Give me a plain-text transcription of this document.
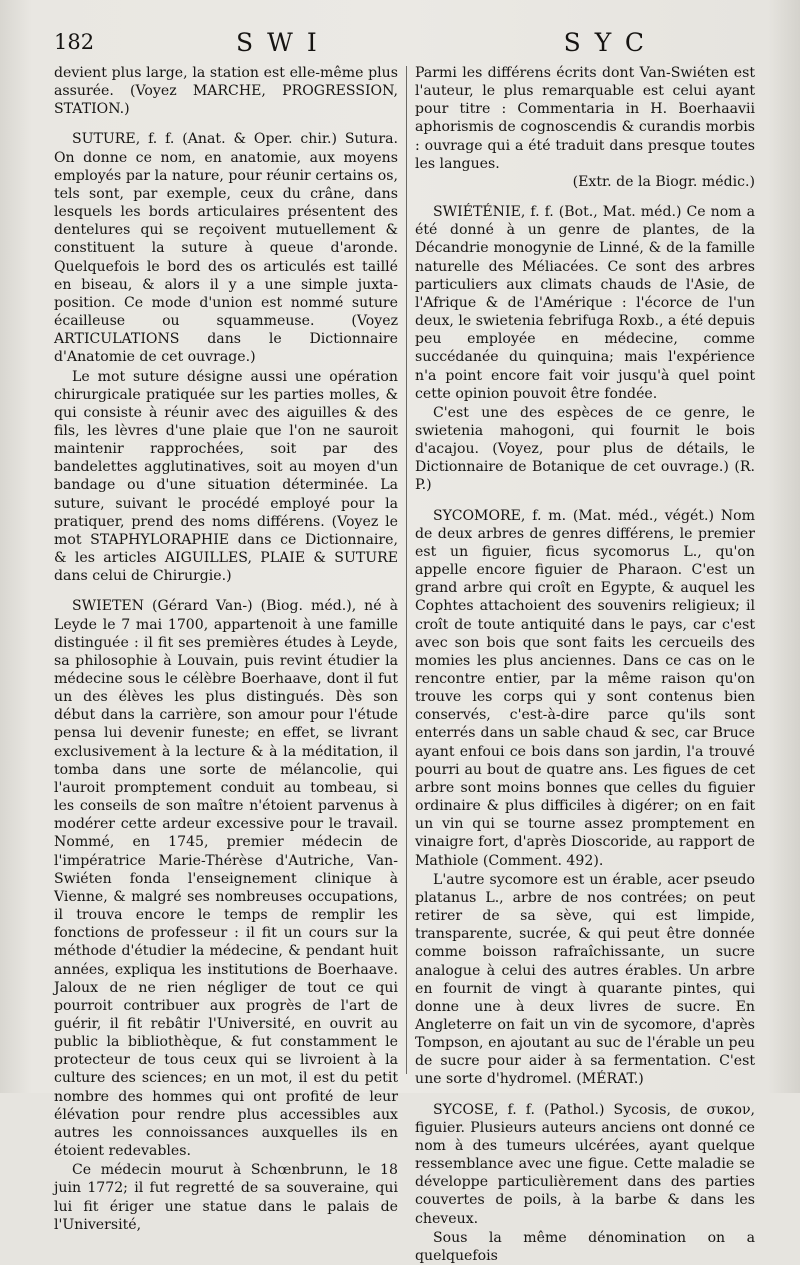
182	SWI	SYC

devient plus large, la station est elle-même plus assurée. (Voyez MARCHE, PROGRESSION, STATION.)

SUTURE, f. f. (Anat. & Oper. chir.) Sutura. On donne ce nom, en anatomie, aux moyens employés par la nature, pour réunir certains os, tels sont, par exemple, ceux du crâne, dans lesquels les bords articulaires présentent des dentelures qui se reçoivent mutuellement & constituent la suture à queue d'aronde. Quelquefois le bord des os articulés est taillé en biseau, & alors il y a une simple juxta-position. Ce mode d'union est nommé suture écailleuse ou squammeuse. (Voyez ARTICULATIONS dans le Dictionnaire d'Anatomie de cet ouvrage.)

Le mot suture désigne aussi une opération chirurgicale pratiquée sur les parties molles, & qui consiste à réunir avec des aiguilles & des fils, les lèvres d'une plaie que l'on ne sauroit maintenir rapprochées, soit par des bandelettes agglutinatives, soit au moyen d'un bandage ou d'une situation déterminée. La suture, suivant le procédé employé pour la pratiquer, prend des noms différens. (Voyez le mot STAPHYLORAPHIE dans ce Dictionnaire, & les articles AIGUILLES, PLAIE & SUTURE dans celui de Chirurgie.)

SWIETEN (Gérard Van-) (Biog. méd.), né à Leyde le 7 mai 1700, appartenoit à une famille distinguée : il fit ses premières études à Leyde, sa philosophie à Louvain, puis revint étudier la médecine sous le célèbre Boerhaave, dont il fut un des élèves les plus distingués. Dès son début dans la carrière, son amour pour l'étude pensa lui devenir funeste; en effet, se livrant exclusivement à la lecture & à la méditation, il tomba dans une sorte de mélancolie, qui l'auroit promptement conduit au tombeau, si les conseils de son maître n'étoient parvenus à modérer cette ardeur excessive pour le travail. Nommé, en 1745, premier médecin de l'impératrice Marie-Thérèse d'Autriche, Van-Swiéten fonda l'enseignement clinique à Vienne, & malgré ses nombreuses occupations, il trouva encore le temps de remplir les fonctions de professeur : il fit un cours sur la méthode d'étudier la médecine, & pendant huit années, expliqua les institutions de Boerhaave. Jaloux de ne rien négliger de tout ce qui pourroit contribuer aux progrès de l'art de guérir, il fit rebâtir l'Université, en ouvrit au public la bibliothèque, & fut constamment le protecteur de tous ceux qui se livroient à la culture des sciences; en un mot, il est du petit nombre des hommes qui ont profité de leur élévation pour rendre plus accessibles aux autres les connoissances auxquelles ils en étoient redevables.

Ce médecin mourut à Schœnbrunn, le 18 juin 1772; il fut regretté de sa souveraine, qui lui fit ériger une statue dans le palais de l'Université,

Parmi les différens écrits dont Van-Swiéten est l'auteur, le plus remarquable est celui ayant pour titre : Commentaria in H. Boerhaavii aphorismis de cognoscendis & curandis morbis : ouvrage qui a été traduit dans presque toutes les langues.

(Extr. de la Biogr. médic.)

SWIÉTÉNIE, f. f. (Bot., Mat. méd.) Ce nom a été donné à un genre de plantes, de la Décandrie monogynie de Linné, & de la famille naturelle des Méliacées. Ce sont des arbres particuliers aux climats chauds de l'Asie, de l'Afrique & de l'Amérique : l'écorce de l'un deux, le swietenia febrifuga Roxb., a été depuis peu employée en médecine, comme succédanée du quinquina; mais l'expérience n'a point encore fait voir jusqu'à quel point cette opinion pouvoit être fondée.

C'est une des espèces de ce genre, le swietenia mahogoni, qui fournit le bois d'acajou. (Voyez, pour plus de détails, le Dictionnaire de Botanique de cet ouvrage.) (R. P.)

SYCOMORE, f. m. (Mat. méd., végét.) Nom de deux arbres de genres différens, le premier est un figuier, ficus sycomorus L., qu'on appelle encore figuier de Pharaon. C'est un grand arbre qui croît en Egypte, & auquel les Cophtes attachoient des souvenirs religieux; il croît de toute antiquité dans le pays, car c'est avec son bois que sont faits les cercueils des momies les plus anciennes. Dans ce cas on le rencontre entier, par la même raison qu'on trouve les corps qui y sont contenus bien conservés, c'est-à-dire parce qu'ils sont enterrés dans un sable chaud & sec, car Bruce ayant enfoui ce bois dans son jardin, l'a trouvé pourri au bout de quatre ans. Les figues de cet arbre sont moins bonnes que celles du figuier ordinaire & plus difficiles à digérer; on en fait un vin qui se tourne assez promptement en vinaigre fort, d'après Dioscoride, au rapport de Mathiole (Comment. 492).

L'autre sycomore est un érable, acer pseudo platanus L., arbre de nos contrées; on peut retirer de sa sève, qui est limpide, transparente, sucrée, & qui peut être donnée comme boisson rafraîchissante, un sucre analogue à celui des autres érables. Un arbre en fournit de vingt à quarante pintes, qui donne une à deux livres de sucre. En Angleterre on fait un vin de sycomore, d'après Tompson, en ajoutant au suc de l'érable un peu de sucre pour aider à sa fermentation. C'est une sorte d'hydromel. (MÉRAT.)

SYCOSE, f. f. (Pathol.) Sycosis, de συκον, figuier. Plusieurs auteurs anciens ont donné ce nom à des tumeurs ulcérées, ayant quelque ressemblance avec une figue. Cette maladie se développe particulièrement dans des parties couvertes de poils, à la barbe & dans les cheveux.

Sous la même dénomination on a quelquefois
